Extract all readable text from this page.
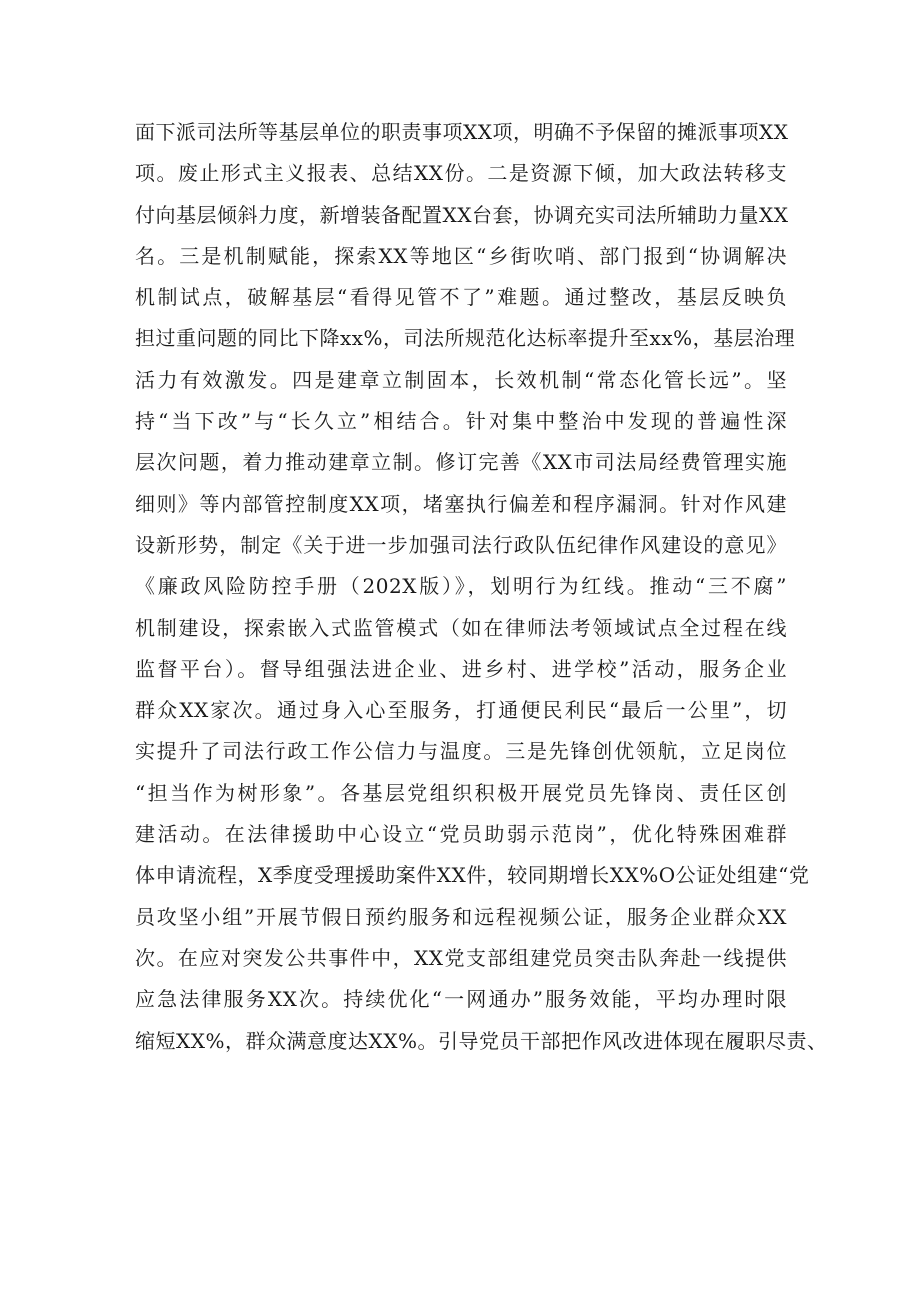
面下派司法所等基层单位的职责事项XX项，明确不予保留的摊派事项XX
项。废止形式主义报表、总结XX份。二是资源下倾，加大政法转移支
付向基层倾斜力度，新增装备配置XX台套，协调充实司法所辅助力量XX
名。三是机制赋能，探索XX等地区“乡街吹哨、部门报到“协调解决
机制试点，破解基层“看得见管不了”难题。通过整改，基层反映负
担过重问题的同比下降xx%，司法所规范化达标率提升至xx%，基层治理
活力有效激发。四是建章立制固本，长效机制“常态化管长远”。坚
持“当下改”与“长久立”相结合。针对集中整治中发现的普遍性深
层次问题，着力推动建章立制。修订完善《XX市司法局经费管理实施
细则》等内部管控制度XX项，堵塞执行偏差和程序漏洞。针对作风建
设新形势，制定《关于进一步加强司法行政队伍纪律作风建设的意见》
《廉政风险防控手册（202X版）》，划明行为红线。推动“三不腐”
机制建设，探索嵌入式监管模式（如在律师法考领域试点全过程在线
监督平台）。督导组强法进企业、进乡村、进学校”活动，服务企业
群众XX家次。通过身入心至服务，打通便民利民“最后一公里”，切
实提升了司法行政工作公信力与温度。三是先锋创优领航，立足岗位
“担当作为树形象”。各基层党组织积极开展党员先锋岗、责任区创
建活动。在法律援助中心设立“党员助弱示范岗”，优化特殊困难群
体申请流程，X季度受理援助案件XX件，较同期增长XX%O公证处组建“党
员攻坚小组”开展节假日预约服务和远程视频公证，服务企业群众XX
次。在应对突发公共事件中，XX党支部组建党员突击队奔赴一线提供
应急法律服务XX次。持续优化“一网通办”服务效能，平均办理时限
缩短XX%，群众满意度达XX%。引导党员干部把作风改进体现在履职尽责、
